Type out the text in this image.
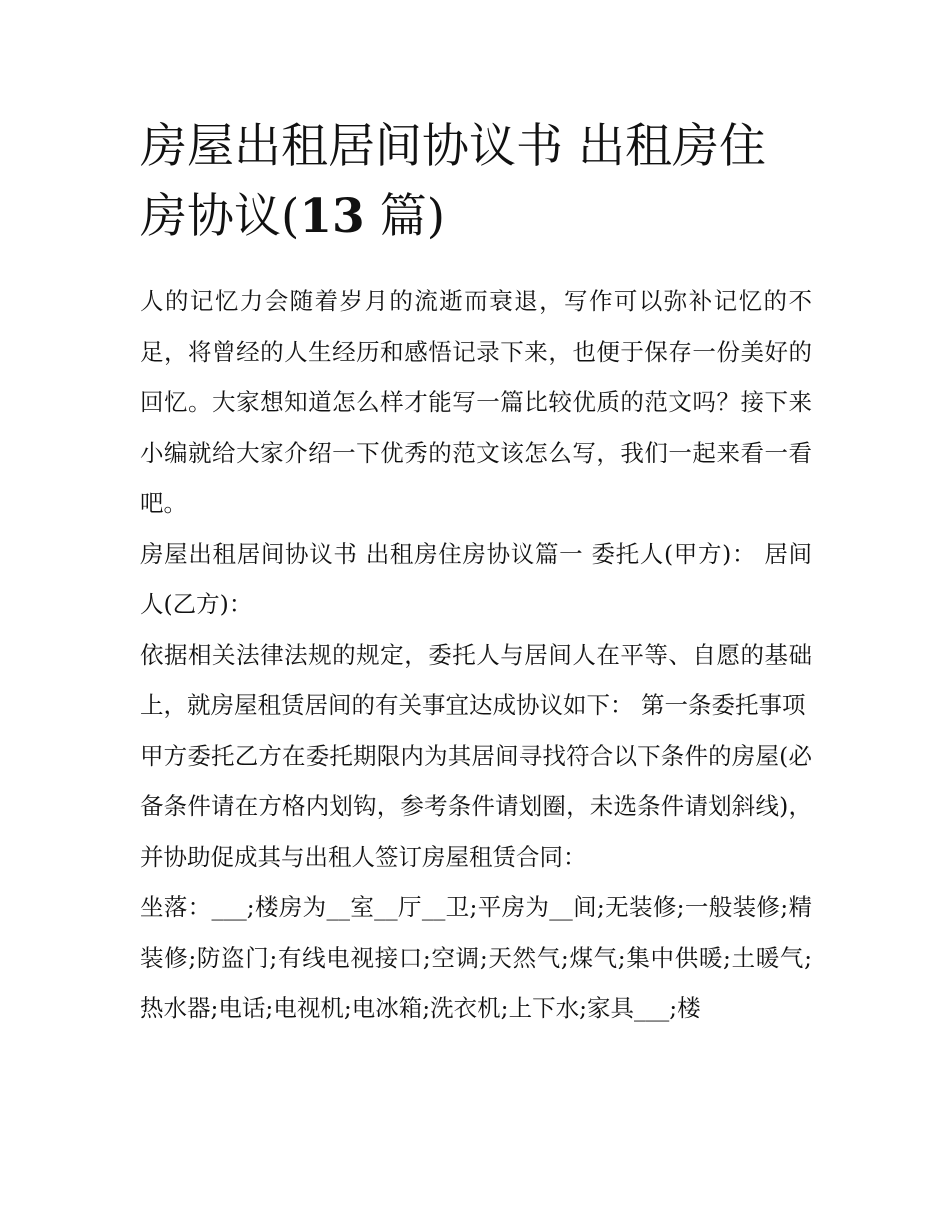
房屋出租居间协议书 出租房住房协议(13 篇)

人的记忆力会随着岁月的流逝而衰退，写作可以弥补记忆的不足，将曾经的人生经历和感悟记录下来，也便于保存一份美好的回忆。大家想知道怎么样才能写一篇比较优质的范文吗？接下来小编就给大家介绍一下优秀的范文该怎么写，我们一起来看一看吧。

房屋出租居间协议书 出租房住房协议篇一 委托人(甲方)： 居间人(乙方)：

依据相关法律法规的规定，委托人与居间人在平等、自愿的基础上，就房屋租赁居间的有关事宜达成协议如下： 第一条委托事项

甲方委托乙方在委托期限内为其居间寻找符合以下条件的房屋(必备条件请在方格内划钩，参考条件请划圈，未选条件请划斜线)，并协助促成其与出租人签订房屋租赁合同：

坐落：___;楼房为__室__厅__卫;平房为__间;无装修;一般装修;精装修;防盗门;有线电视接口;空调;天然气;煤气;集中供暖;土暖气;热水器;电话;电视机;电冰箱;洗衣机;上下水;家具___;楼
